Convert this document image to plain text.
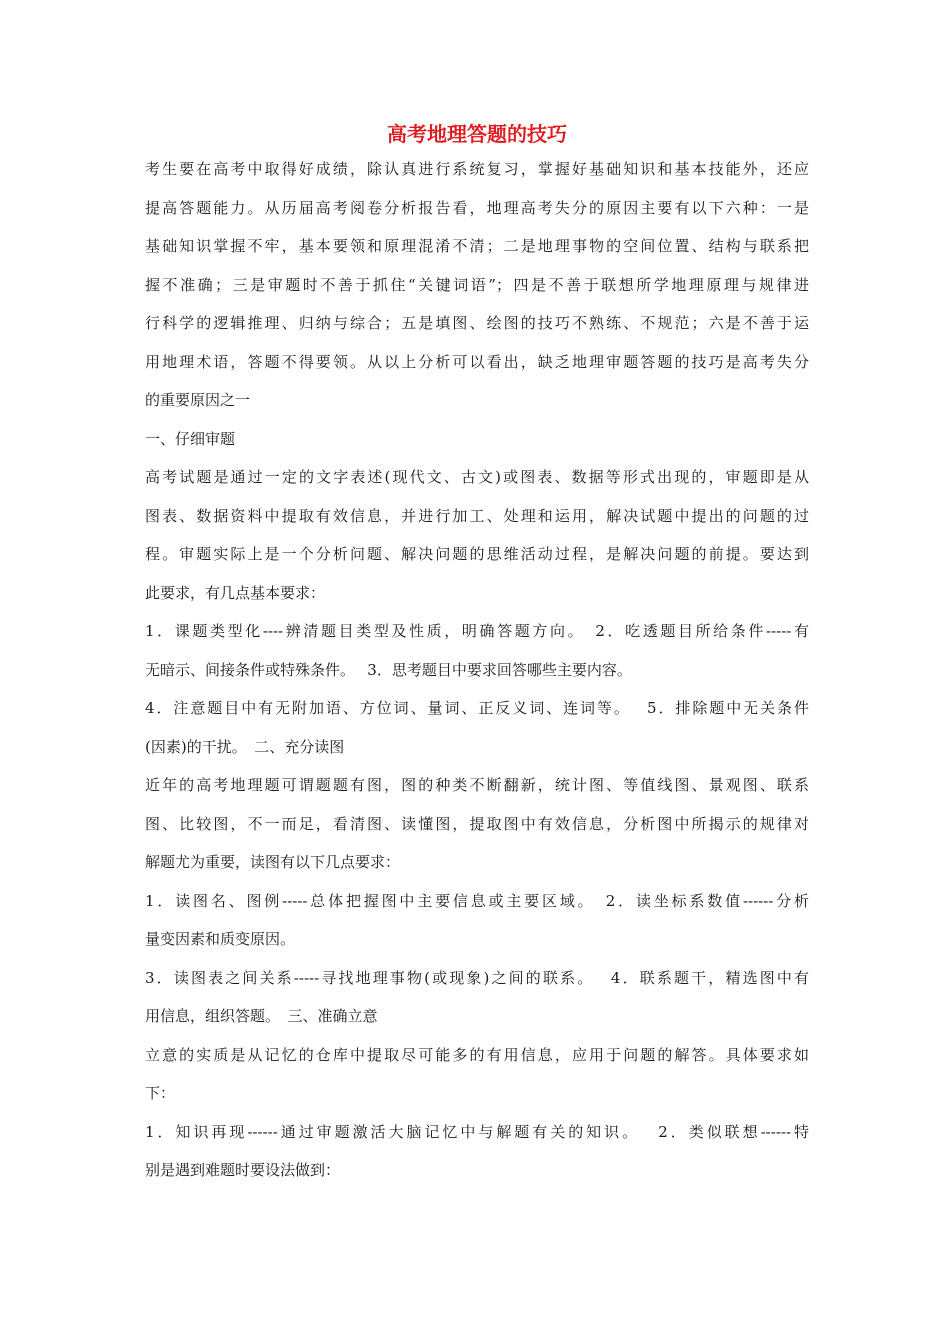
高考地理答题的技巧
考生要在高考中取得好成绩，除认真进行系统复习，掌握好基础知识和基本技能外，还应
提高答题能力。从历届高考阅卷分析报告看，地理高考失分的原因主要有以下六种：一是
基础知识掌握不牢，基本要领和原理混淆不清；二是地理事物的空间位置、结构与联系把
握不准确；三是审题时不善于抓住“关键词语”；四是不善于联想所学地理原理与规律进
行科学的逻辑推理、归纳与综合；五是填图、绘图的技巧不熟练、不规范；六是不善于运
用地理术语，答题不得要领。从以上分析可以看出，缺乏地理审题答题的技巧是高考失分
的重要原因之一
一、仔细审题
高考试题是通过一定的文字表述(现代文、古文)或图表、数据等形式出现的，审题即是从
图表、数据资料中提取有效信息，并进行加工、处理和运用，解决试题中提出的问题的过
程。审题实际上是一个分析问题、解决问题的思维活动过程，是解决问题的前提。要达到
此要求，有几点基本要求：
1．课题类型化----辨清题目类型及性质，明确答题方向。　2．吃透题目所给条件-----有
无暗示、间接条件或特殊条件。　 3．思考题目中要求回答哪些主要内容。
4．注意题目中有无附加语、方位词、量词、正反义词、连词等。　 5．排除题中无关条件
(因素)的干扰。　二、充分读图
近年的高考地理题可谓题题有图，图的种类不断翻新，统计图、等值线图、景观图、联系
图、比较图，不一而足，看清图、读懂图，提取图中有效信息，分析图中所揭示的规律对
解题尤为重要，读图有以下几点要求：
1．读图名、图例-----总体把握图中主要信息或主要区域。　2．读坐标系数值------分析
量变因素和质变原因。
3．读图表之间关系-----寻找地理事物(或现象)之间的联系。　 4．联系题干，精选图中有
用信息，组织答题。　三、准确立意
立意的实质是从记忆的仓库中提取尽可能多的有用信息，应用于问题的解答。具体要求如
下：
1．知识再现------通过审题激活大脑记忆中与解题有关的知识。　 2．类似联想------特
别是遇到难题时要设法做到：
